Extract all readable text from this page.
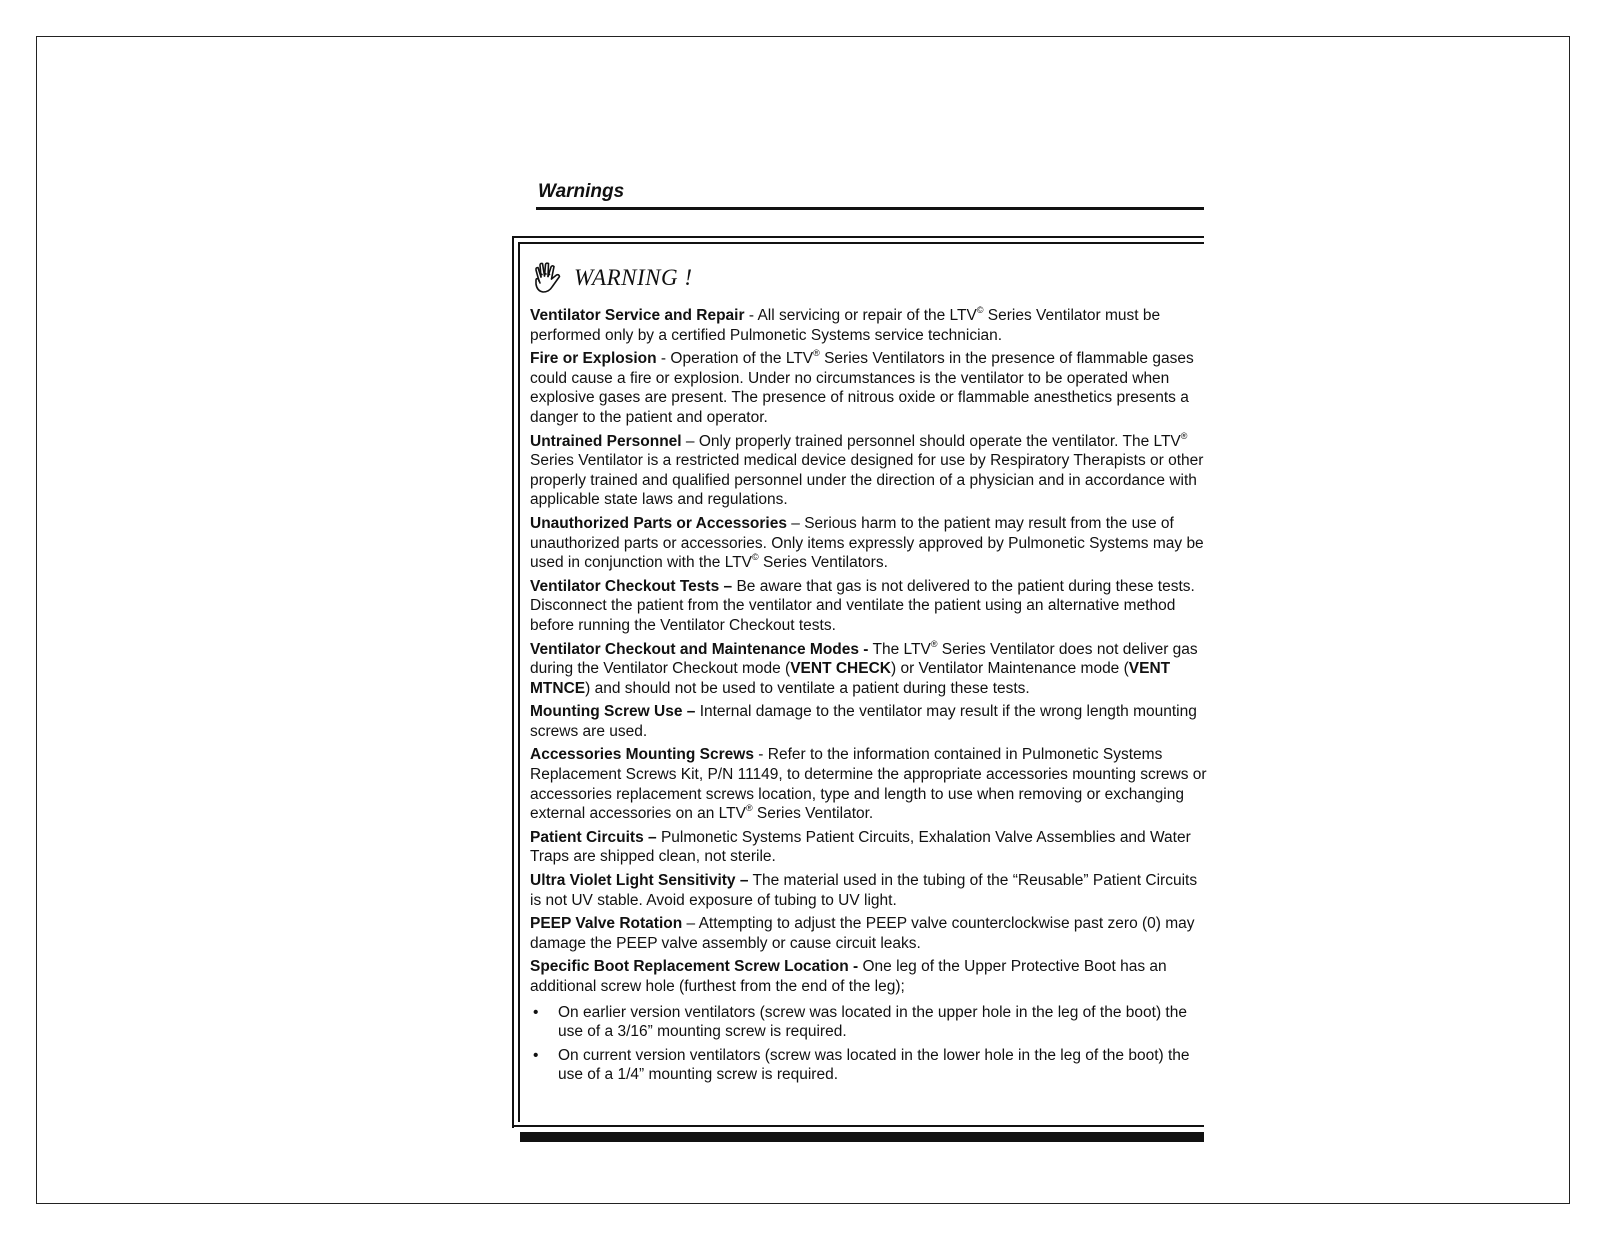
Warnings
WARNING !

Ventilator Service and Repair - All servicing or repair of the LTV© Series Ventilator must be performed only by a certified Pulmonetic Systems service technician.

Fire or Explosion - Operation of the LTV® Series Ventilators in the presence of flammable gases could cause a fire or explosion. Under no circumstances is the ventilator to be operated when explosive gases are present. The presence of nitrous oxide or flammable anesthetics presents a danger to the patient and operator.

Untrained Personnel – Only properly trained personnel should operate the ventilator. The LTV® Series Ventilator is a restricted medical device designed for use by Respiratory Therapists or other properly trained and qualified personnel under the direction of a physician and in accordance with applicable state laws and regulations.

Unauthorized Parts or Accessories – Serious harm to the patient may result from the use of unauthorized parts or accessories. Only items expressly approved by Pulmonetic Systems may be used in conjunction with the LTV© Series Ventilators.

Ventilator Checkout Tests – Be aware that gas is not delivered to the patient during these tests. Disconnect the patient from the ventilator and ventilate the patient using an alternative method before running the Ventilator Checkout tests.

Ventilator Checkout and Maintenance Modes - The LTV® Series Ventilator does not deliver gas during the Ventilator Checkout mode (VENT CHECK) or Ventilator Maintenance mode (VENT MTNCE) and should not be used to ventilate a patient during these tests.

Mounting Screw Use – Internal damage to the ventilator may result if the wrong length mounting screws are used.

Accessories Mounting Screws - Refer to the information contained in Pulmonetic Systems Replacement Screws Kit, P/N 11149, to determine the appropriate accessories mounting screws or accessories replacement screws location, type and length to use when removing or exchanging external accessories on an LTV® Series Ventilator.

Patient Circuits – Pulmonetic Systems Patient Circuits, Exhalation Valve Assemblies and Water Traps are shipped clean, not sterile.

Ultra Violet Light Sensitivity – The material used in the tubing of the “Reusable” Patient Circuits is not UV stable. Avoid exposure of tubing to UV light.

PEEP Valve Rotation – Attempting to adjust the PEEP valve counterclockwise past zero (0) may damage the PEEP valve assembly or cause circuit leaks.

Specific Boot Replacement Screw Location - One leg of the Upper Protective Boot has an additional screw hole (furthest from the end of the leg);

• On earlier version ventilators (screw was located in the upper hole in the leg of the boot) the use of a 3/16” mounting screw is required.
• On current version ventilators (screw was located in the lower hole in the leg of the boot) the use of a 1/4” mounting screw is required.
